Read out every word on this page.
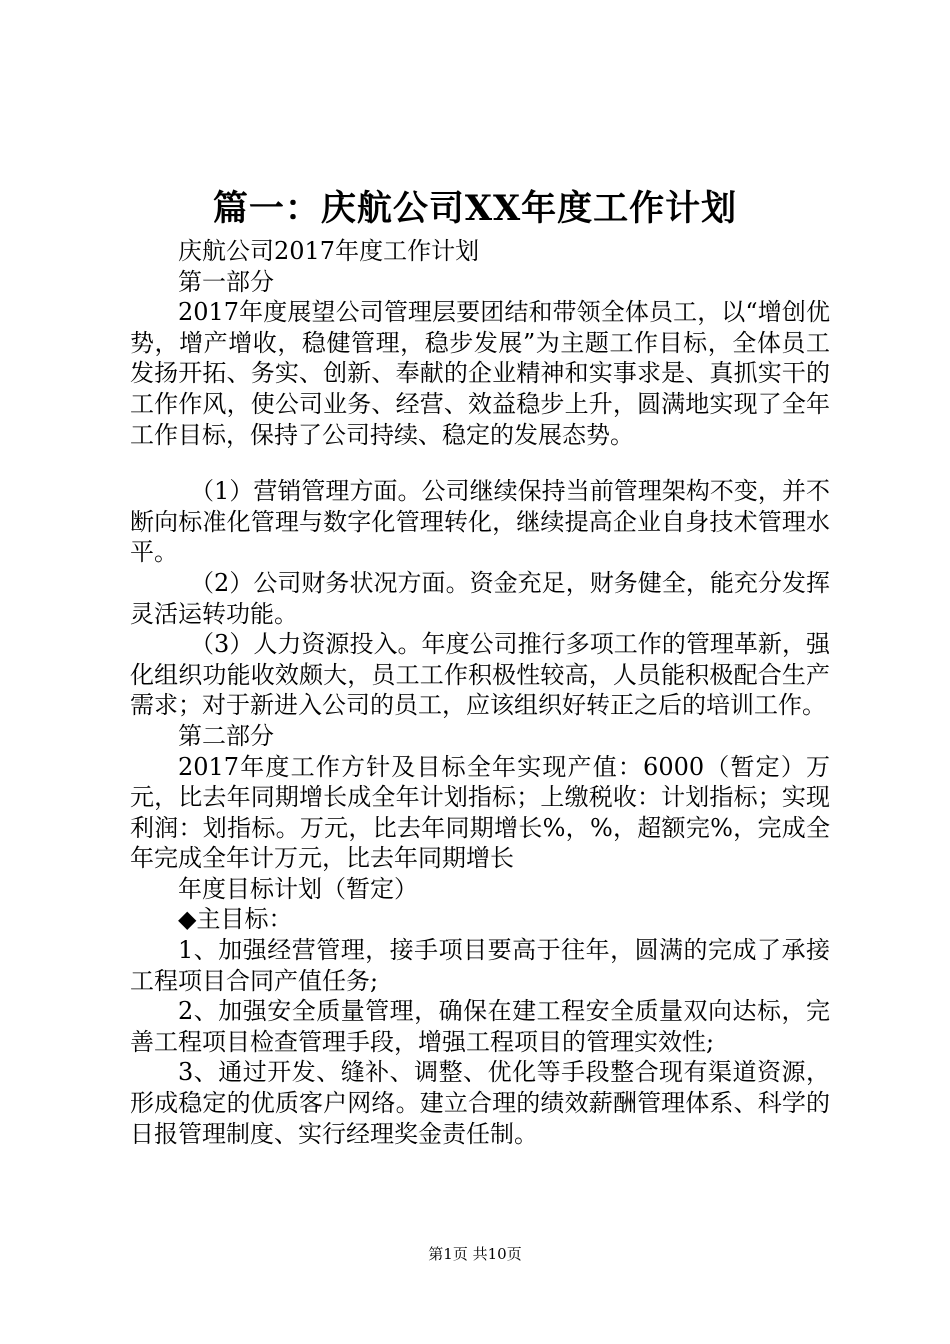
篇一：庆航公司XX年度工作计划

庆航公司2017年度工作计划

第一部分

2017年度展望公司管理层要团结和带领全体员工，以“增创优势，增产增收，稳健管理，稳步发展”为主题工作目标，全体员工发扬开拓、务实、创新、奉献的企业精神和实事求是、真抓实干的工作作风，使公司业务、经营、效益稳步上升，圆满地实现了全年工作目标，保持了公司持续、稳定的发展态势。

（1）营销管理方面。公司继续保持当前管理架构不变，并不断向标准化管理与数字化管理转化，继续提高企业自身技术管理水平。

（2）公司财务状况方面。资金充足，财务健全，能充分发挥灵活运转功能。

（3）人力资源投入。年度公司推行多项工作的管理革新，强化组织功能收效颇大，员工工作积极性较高，人员能积极配合生产需求；对于新进入公司的员工，应该组织好转正之后的培训工作。

第二部分

2017年度工作方针及目标全年实现产值：6000（暂定）万元，比去年同期增长成全年计划指标；上缴税收：计划指标；实现利润：划指标。万元，比去年同期增长%，%，超额完%，完成全年完成全年计万元，比去年同期增长

年度目标计划（暂定）

◆主目标：

1、加强经营管理，接手项目要高于往年，圆满的完成了承接工程项目合同产值任务;

2、加强安全质量管理，确保在建工程安全质量双向达标，完善工程项目检查管理手段，增强工程项目的管理实效性;

3、通过开发、缝补、调整、优化等手段整合现有渠道资源，形成稳定的优质客户网络。建立合理的绩效薪酬管理体系、科学的日报管理制度、实行经理奖金责任制。

第1页 共10页
